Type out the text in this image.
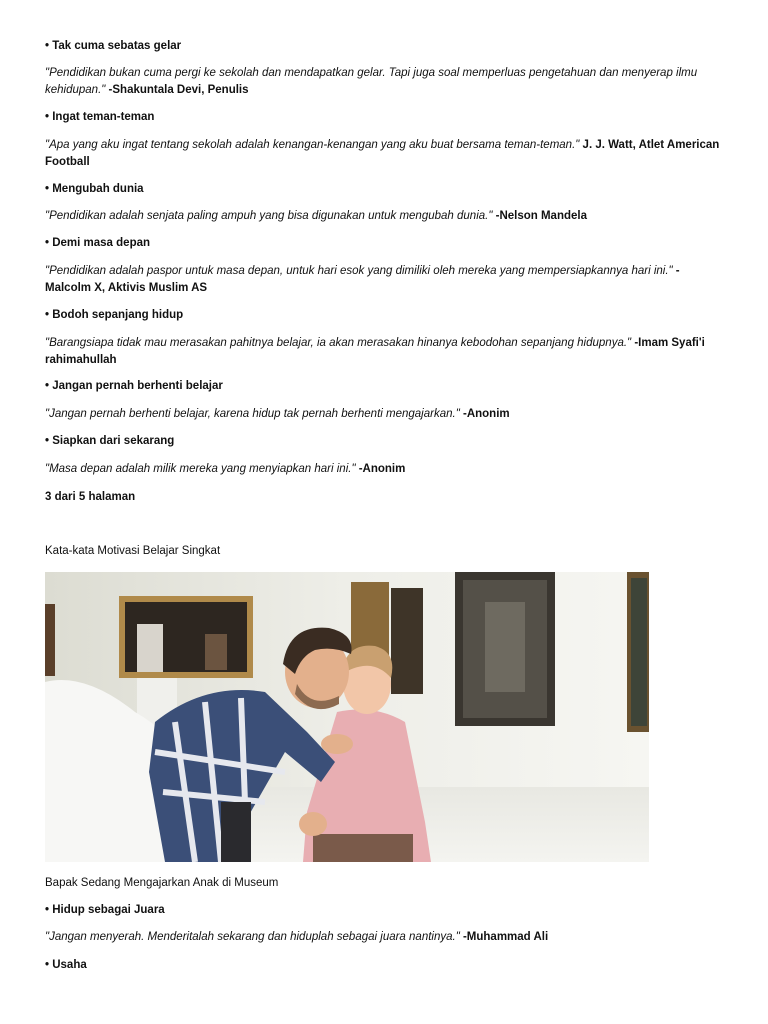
• Tak cuma sebatas gelar

"Pendidikan bukan cuma pergi ke sekolah dan mendapatkan gelar. Tapi juga soal memperluas pengetahuan dan menyerap ilmu kehidupan." -Shakuntala Devi, Penulis

• Ingat teman-teman

"Apa yang aku ingat tentang sekolah adalah kenangan-kenangan yang aku buat bersama teman-teman." J. J. Watt, Atlet American Football

• Mengubah dunia

"Pendidikan adalah senjata paling ampuh yang bisa digunakan untuk mengubah dunia." -Nelson Mandela

• Demi masa depan

"Pendidikan adalah paspor untuk masa depan, untuk hari esok yang dimiliki oleh mereka yang mempersiapkannya hari ini." -Malcolm X, Aktivis Muslim AS

• Bodoh sepanjang hidup

"Barangsiapa tidak mau merasakan pahitnya belajar, ia akan merasakan hinanya kebodohan sepanjang hidupnya." -Imam Syafi'i rahimahullah

• Jangan pernah berhenti belajar

"Jangan pernah berhenti belajar, karena hidup tak pernah berhenti mengajarkan." -Anonim

• Siapkan dari sekarang

"Masa depan adalah milik mereka yang menyiapkan hari ini." -Anonim

3 dari 5 halaman

Kata-kata Motivasi Belajar Singkat

Bapak Sedang Mengajarkan Anak di Museum

• Hidup sebagai Juara

"Jangan menyerah. Menderitalah sekarang dan hiduplah sebagai juara nantinya." -Muhammad Ali

• Usaha
